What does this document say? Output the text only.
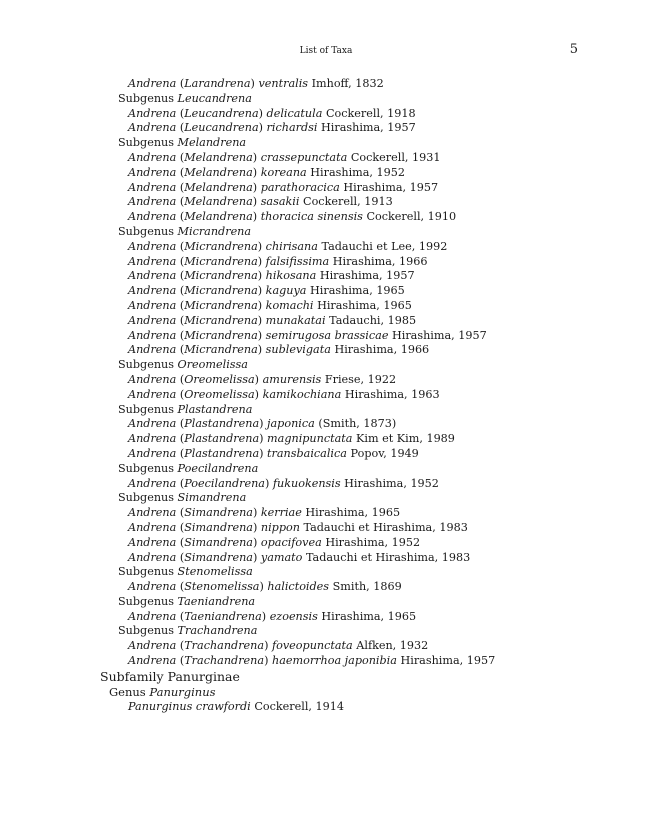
List of Taxa	5
Andrena (Larandrena) ventralis Imhoff, 1832
Subgenus Leucandrena
Andrena (Leucandrena) delicatula Cockerell, 1918
Andrena (Leucandrena) richardsi Hirashima, 1957
Subgenus Melandrena
Andrena (Melandrena) crassepunctata Cockerell, 1931
Andrena (Melandrena) koreana Hirashima, 1952
Andrena (Melandrena) parathoracica Hirashima, 1957
Andrena (Melandrena) sasakii Cockerell, 1913
Andrena (Melandrena) thoracica sinensis Cockerell, 1910
Subgenus Micrandrena
Andrena (Micrandrena) chirisana Tadauchi et Lee, 1992
Andrena (Micrandrena) falsifissima Hirashima, 1966
Andrena (Micrandrena) hikosana Hirashima, 1957
Andrena (Micrandrena) kaguya Hirashima, 1965
Andrena (Micrandrena) komachi Hirashima, 1965
Andrena (Micrandrena) munakatai Tadauchi, 1985
Andrena (Micrandrena) semirugosa brassicae Hirashima, 1957
Andrena (Micrandrena) sublevigata Hirashima, 1966
Subgenus Oreomelissa
Andrena (Oreomelissa) amurensis Friese, 1922
Andrena (Oreomelissa) kamikochiana Hirashima, 1963
Subgenus Plastandrena
Andrena (Plastandrena) japonica (Smith, 1873)
Andrena (Plastandrena) magnipunctata Kim et Kim, 1989
Andrena (Plastandrena) transbaicalica Popov, 1949
Subgenus Poecilandrena
Andrena (Poecilandrena) fukuokensis Hirashima, 1952
Subgenus Simandrena
Andrena (Simandrena) kerriae Hirashima, 1965
Andrena (Simandrena) nippon Tadauchi et Hirashima, 1983
Andrena (Simandrena) opacifovea Hirashima, 1952
Andrena (Simandrena) yamato Tadauchi et Hirashima, 1983
Subgenus Stenomelissa
Andrena (Stenomelissa) halictoides Smith, 1869
Subgenus Taeniandrena
Andrena (Taeniandrena) ezoensis Hirashima, 1965
Subgenus Trachandrena
Andrena (Trachandrena) foveopunctata Alfken, 1932
Andrena (Trachandrena) haemorrhoa japonibia Hirashima, 1957
Subfamily Panurginae
Genus Panurginus
Panurginus crawfordi Cockerell, 1914
